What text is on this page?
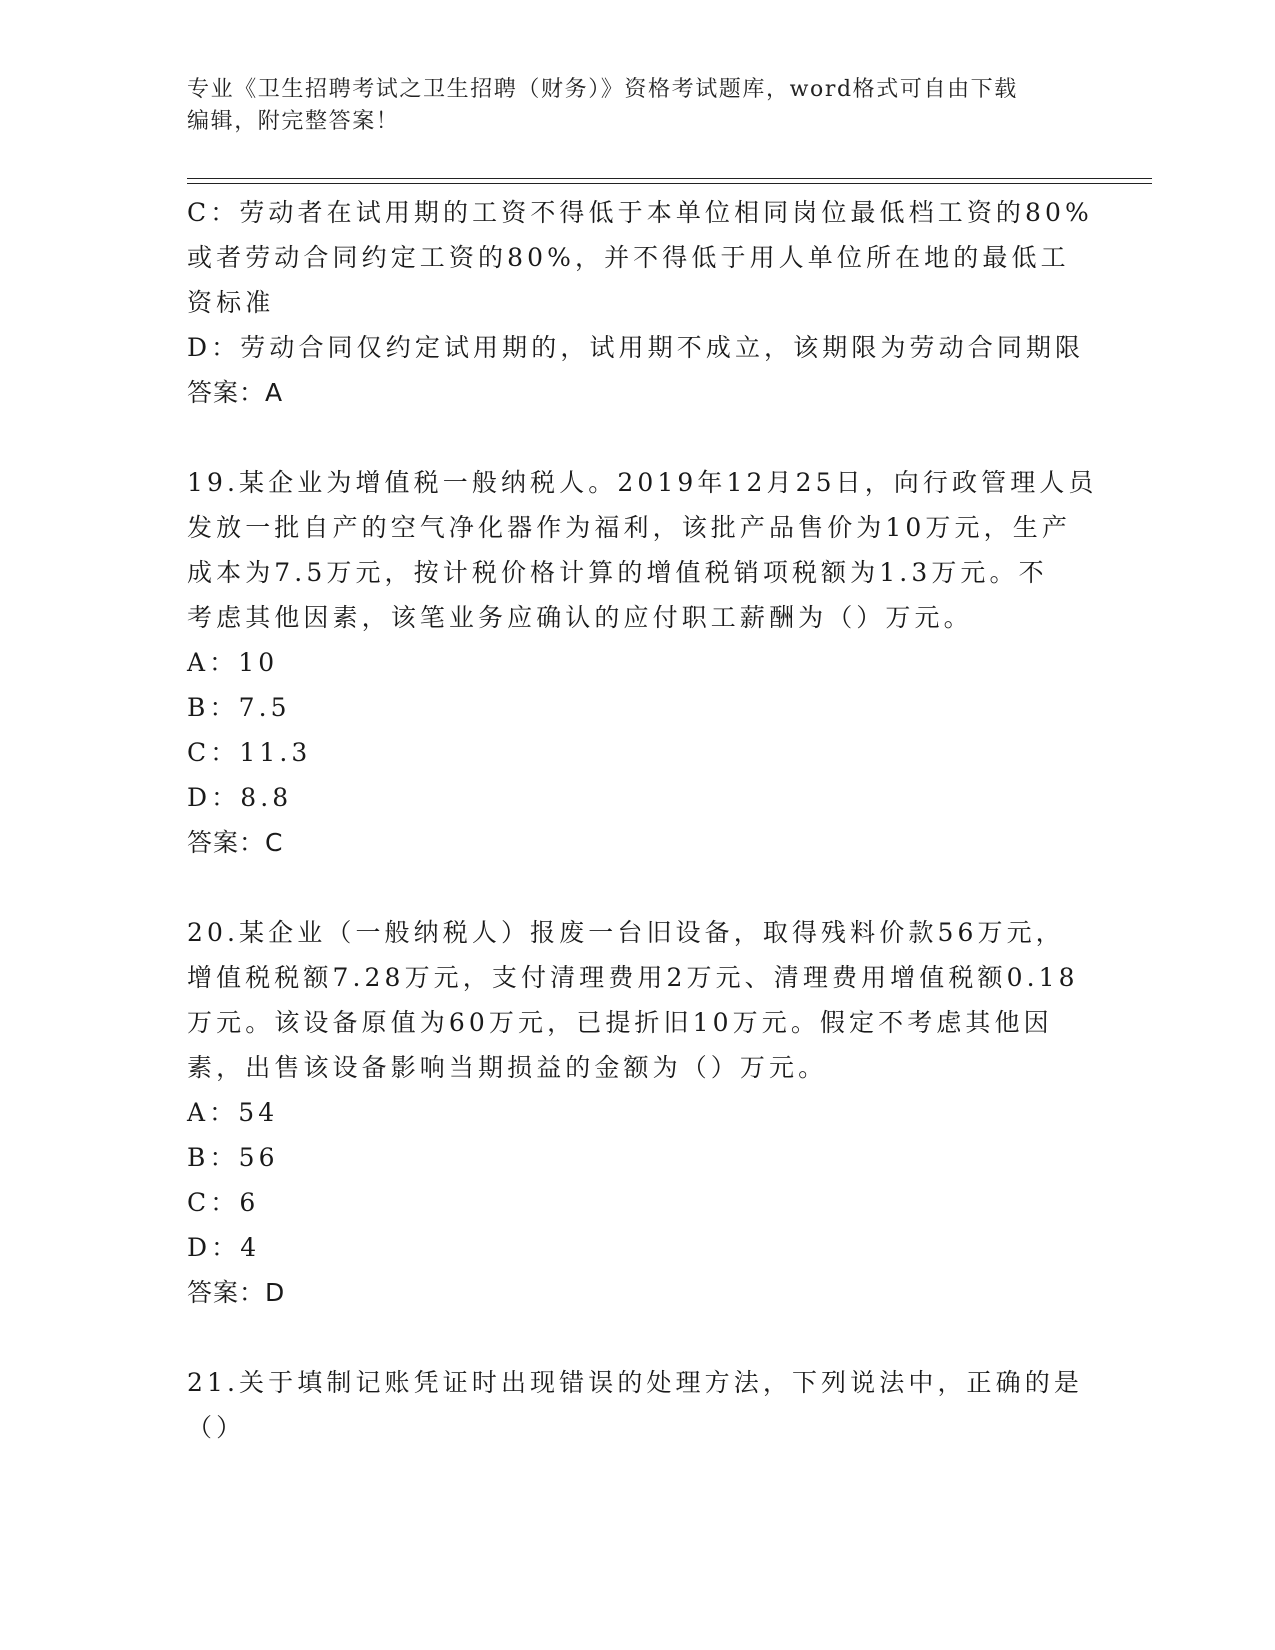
专业《卫生招聘考试之卫生招聘（财务）》资格考试题库，word格式可自由下载
编辑，附完整答案！
C：劳动者在试用期的工资不得低于本单位相同岗位最低档工资的80%
或者劳动合同约定工资的80%，并不得低于用人单位所在地的最低工
资标准
D：劳动合同仅约定试用期的，试用期不成立，该期限为劳动合同期限
答案：A
19.某企业为增值税一般纳税人。2019年12月25日，向行政管理人员
发放一批自产的空气净化器作为福利，该批产品售价为10万元，生产
成本为7.5万元，按计税价格计算的增值税销项税额为1.3万元。不
考虑其他因素，该笔业务应确认的应付职工薪酬为（）万元。
A：10
B：7.5
C：11.3
D：8.8
答案：C
20.某企业（一般纳税人）报废一台旧设备，取得残料价款56万元，
增值税税额7.28万元，支付清理费用2万元、清理费用增值税额0.18
万元。该设备原值为60万元，已提折旧10万元。假定不考虑其他因
素，出售该设备影响当期损益的金额为（）万元。
A：54
B：56
C：6
D：4
答案：D
21.关于填制记账凭证时出现错误的处理方法，下列说法中，正确的是
（）
